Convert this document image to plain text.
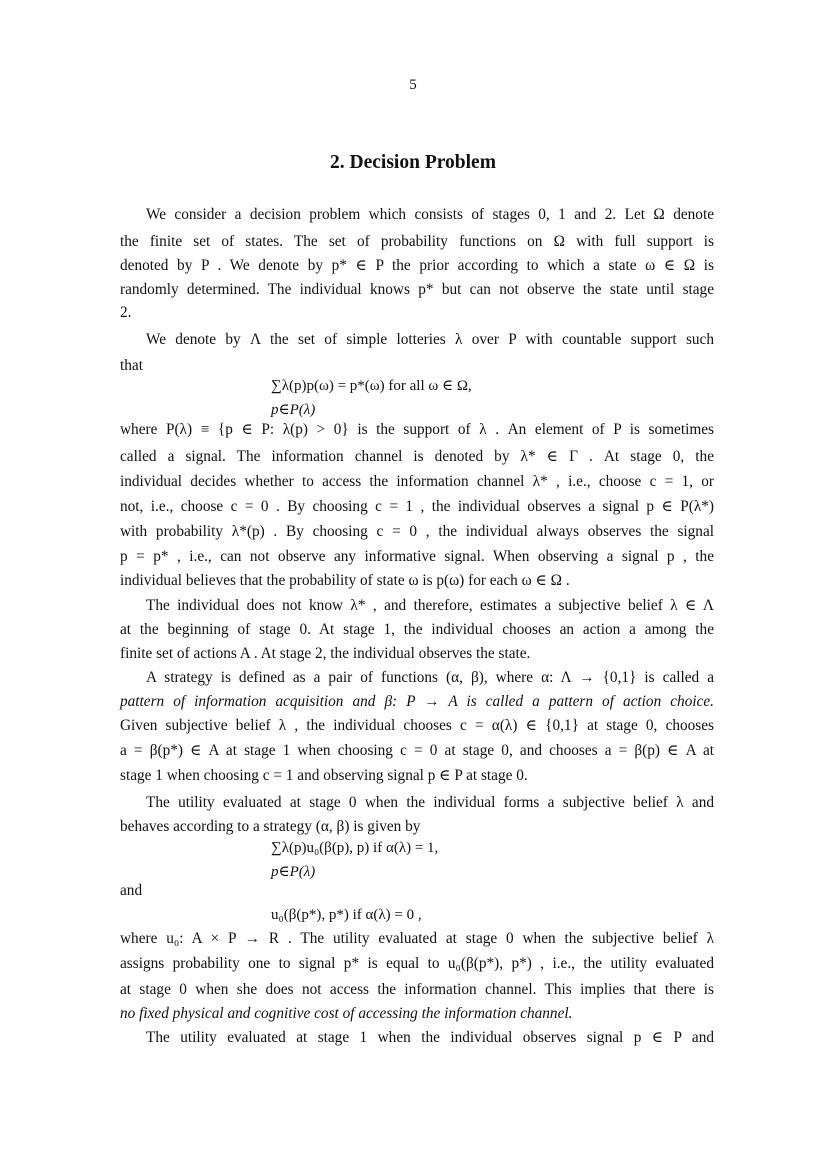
5
2. Decision Problem
We consider a decision problem which consists of stages 0, 1 and 2. Let Ω denote
the finite set of states. The set of probability functions on Ω with full support is
denoted by P . We denote by p* ∈ P the prior according to which a state ω ∈ Ω is
randomly determined. The individual knows p* but can not observe the state until stage
2.
We denote by Λ the set of simple lotteries λ over P with countable support such
that
∑λ(p)p(ω) = p*(ω) for all ω ∈ Ω,
p∈P(λ)
where P(λ) ≡ {p ∈ P: λ(p) > 0} is the support of λ . An element of P is sometimes
called a signal. The information channel is denoted by λ* ∈ Γ . At stage 0, the
individual decides whether to access the information channel λ* , i.e., choose c = 1, or
not, i.e., choose c = 0 . By choosing c = 1 , the individual observes a signal p ∈ P(λ*)
with probability λ*(p) . By choosing c = 0 , the individual always observes the signal
p = p* , i.e., can not observe any informative signal. When observing a signal p , the
individual believes that the probability of state ω is p(ω) for each ω ∈ Ω .
The individual does not know λ* , and therefore, estimates a subjective belief λ ∈ Λ
at the beginning of stage 0. At stage 1, the individual chooses an action a among the
finite set of actions A . At stage 2, the individual observes the state.
A strategy is defined as a pair of functions (α, β), where α: Λ → {0,1} is called a
pattern of information acquisition and β: P → A is called a pattern of action choice.
Given subjective belief λ , the individual chooses c = α(λ) ∈ {0,1} at stage 0, chooses
a = β(p*) ∈ A at stage 1 when choosing c = 0 at stage 0, and chooses a = β(p) ∈ A at
stage 1 when choosing c = 1 and observing signal p ∈ P at stage 0.
The utility evaluated at stage 0 when the individual forms a subjective belief λ and
behaves according to a strategy (α, β) is given by
∑λ(p)u₀(β(p), p) if α(λ) = 1,
p∈P(λ)
and
u₀(β(p*), p*) if α(λ) = 0 ,
where u₀: A × P → R . The utility evaluated at stage 0 when the subjective belief λ
assigns probability one to signal p* is equal to u₀(β(p*), p*) , i.e., the utility evaluated
at stage 0 when she does not access the information channel. This implies that there is
no fixed physical and cognitive cost of accessing the information channel.
The utility evaluated at stage 1 when the individual observes signal p ∈ P and
